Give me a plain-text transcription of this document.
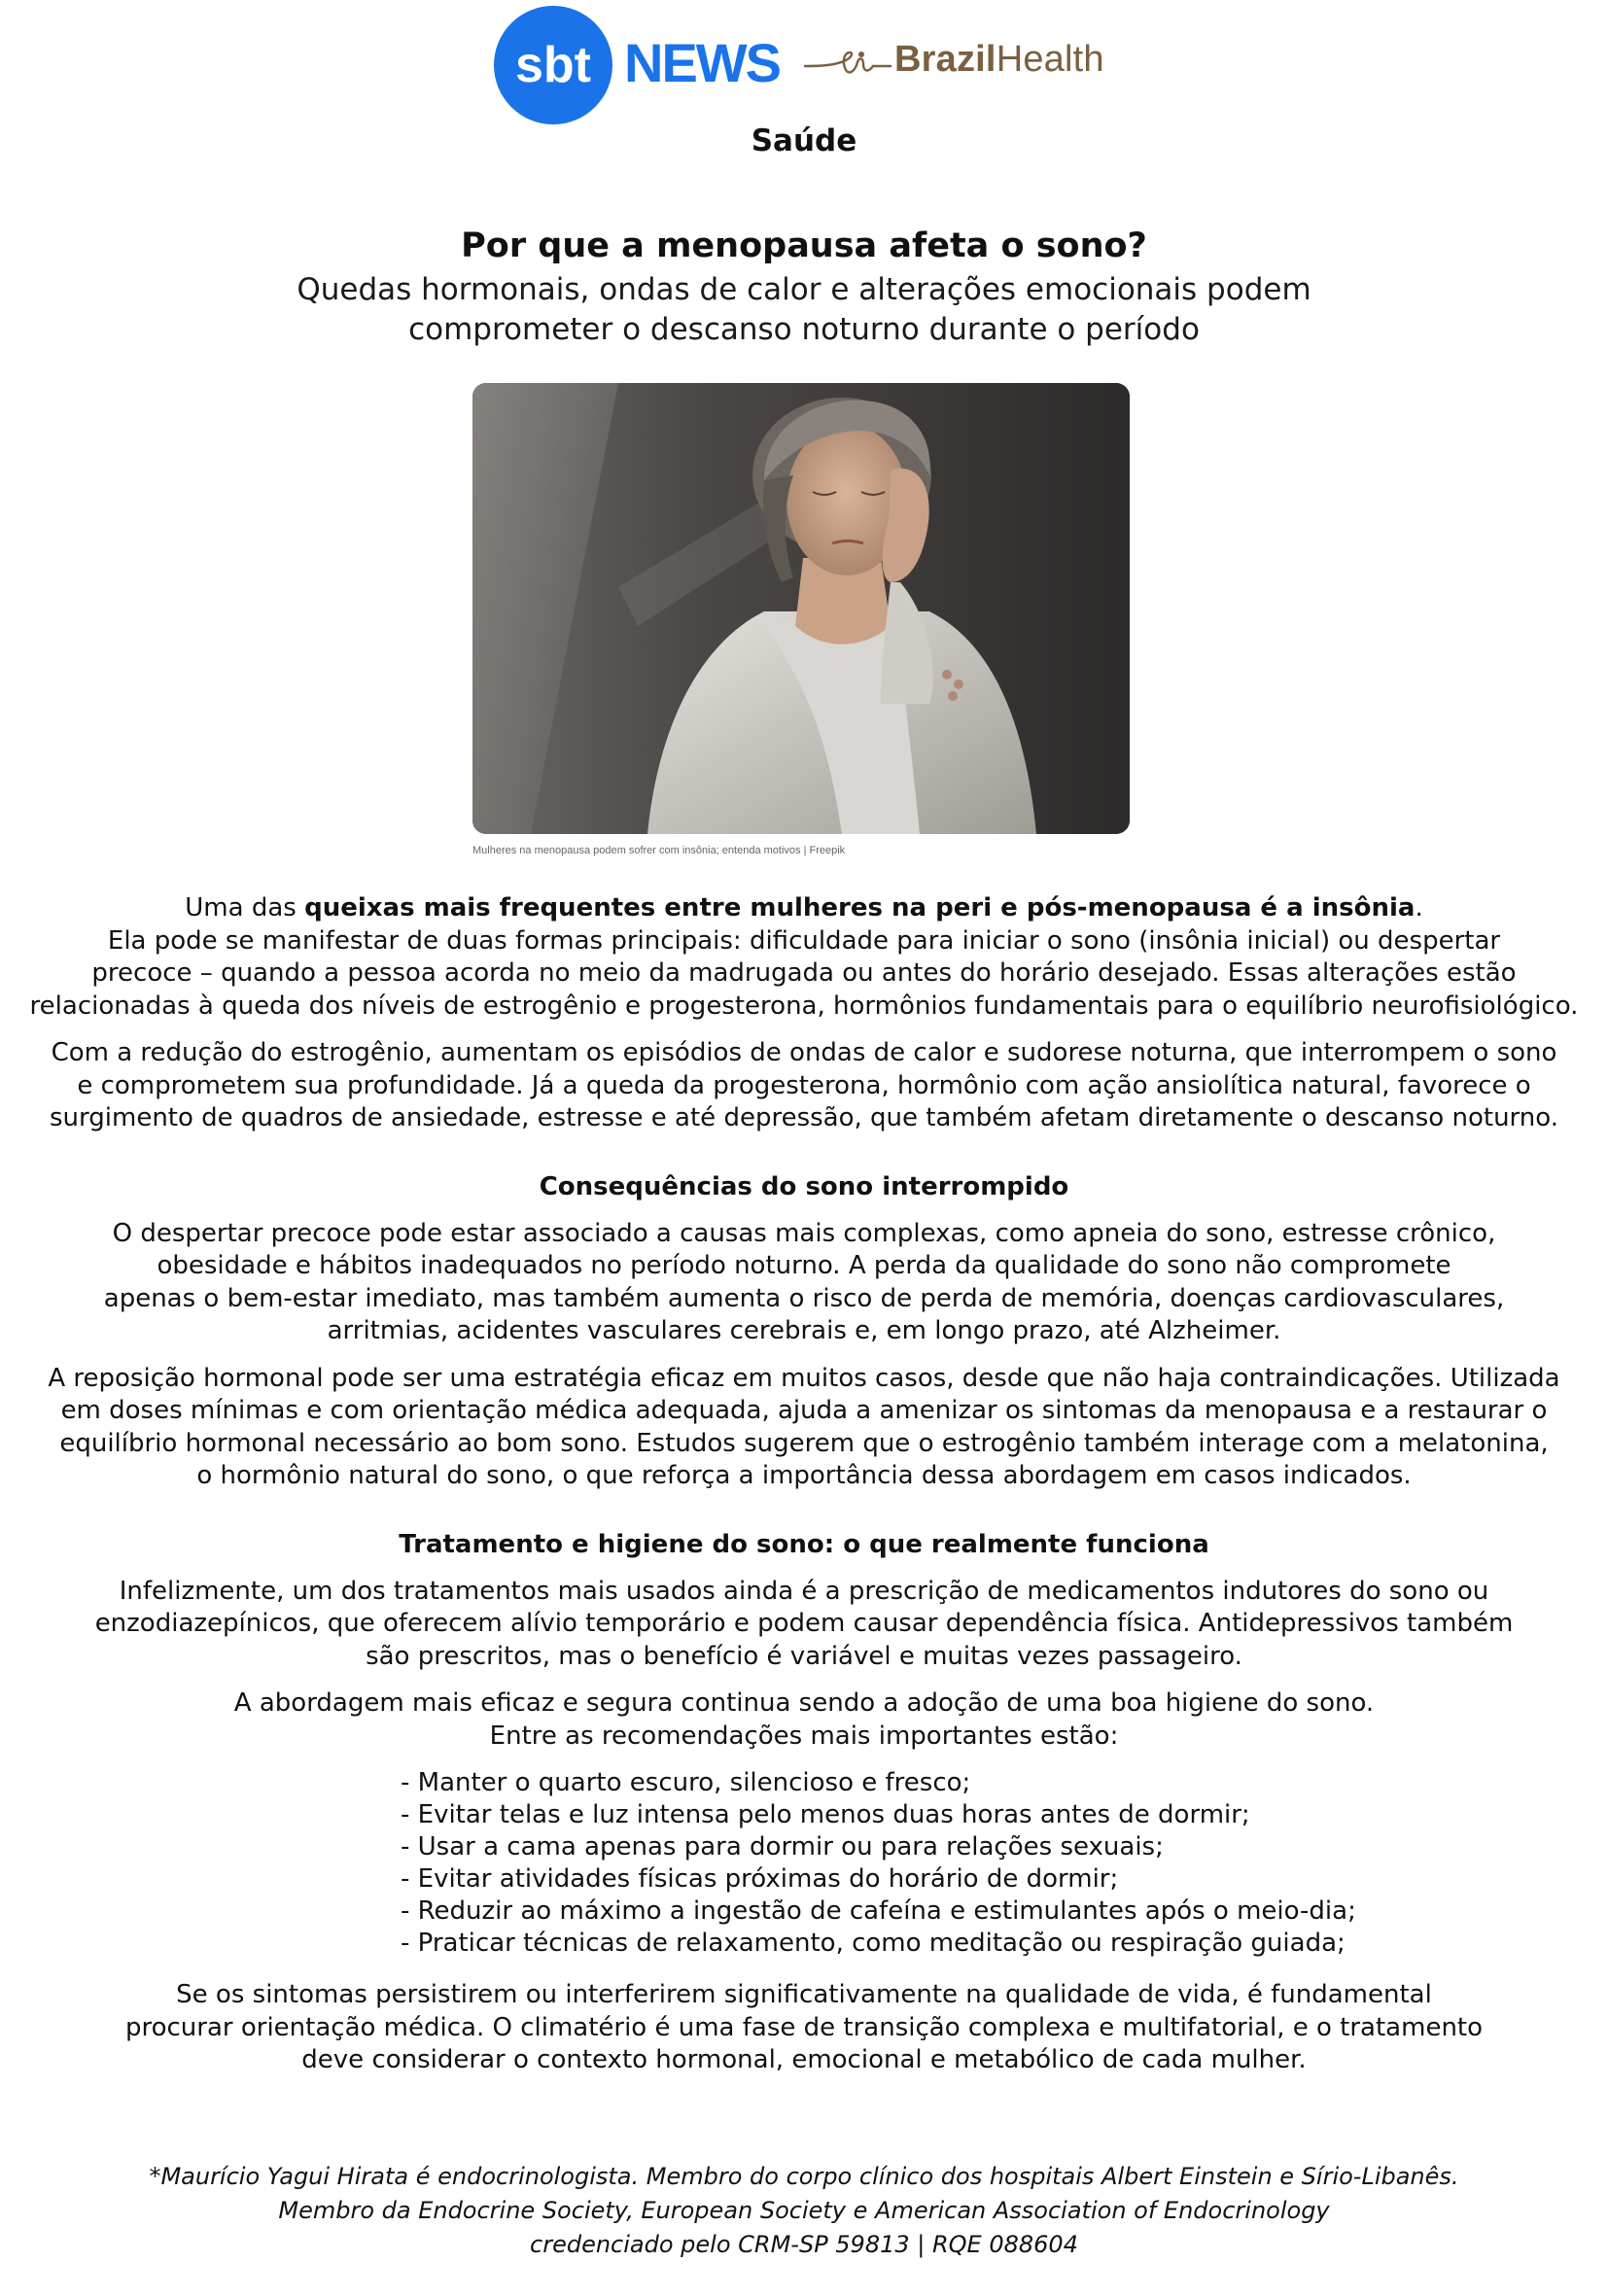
sbt NEWS	BrazilHealth
Saúde
Por que a menopausa afeta o sono?
Quedas hormonais, ondas de calor e alterações emocionais podem
comprometer o descanso noturno durante o período
Mulheres na menopausa podem sofrer com insônia; entenda motivos | Freepik

Uma das queixas mais frequentes entre mulheres na peri e pós-menopausa é a insônia.
Ela pode se manifestar de duas formas principais: dificuldade para iniciar o sono (insônia inicial) ou despertar
precoce – quando a pessoa acorda no meio da madrugada ou antes do horário desejado. Essas alterações estão
relacionadas à queda dos níveis de estrogênio e progesterona, hormônios fundamentais para o equilíbrio neurofisiológico.

Com a redução do estrogênio, aumentam os episódios de ondas de calor e sudorese noturna, que interrompem o sono
e comprometem sua profundidade. Já a queda da progesterona, hormônio com ação ansiolítica natural, favorece o
surgimento de quadros de ansiedade, estresse e até depressão, que também afetam diretamente o descanso noturno.

Consequências do sono interrompido

O despertar precoce pode estar associado a causas mais complexas, como apneia do sono, estresse crônico,
obesidade e hábitos inadequados no período noturno. A perda da qualidade do sono não compromete
apenas o bem-estar imediato, mas também aumenta o risco de perda de memória, doenças cardiovasculares,
arritmias, acidentes vasculares cerebrais e, em longo prazo, até Alzheimer.

A reposição hormonal pode ser uma estratégia eficaz em muitos casos, desde que não haja contraindicações. Utilizada
em doses mínimas e com orientação médica adequada, ajuda a amenizar os sintomas da menopausa e a restaurar o
equilíbrio hormonal necessário ao bom sono. Estudos sugerem que o estrogênio também interage com a melatonina,
o hormônio natural do sono, o que reforça a importância dessa abordagem em casos indicados.

Tratamento e higiene do sono: o que realmente funciona

Infelizmente, um dos tratamentos mais usados ainda é a prescrição de medicamentos indutores do sono ou
enzodiazepínicos, que oferecem alívio temporário e podem causar dependência física. Antidepressivos também
são prescritos, mas o benefício é variável e muitas vezes passageiro.

A abordagem mais eficaz e segura continua sendo a adoção de uma boa higiene do sono.
Entre as recomendações mais importantes estão:

- Manter o quarto escuro, silencioso e fresco;
- Evitar telas e luz intensa pelo menos duas horas antes de dormir;
- Usar a cama apenas para dormir ou para relações sexuais;
- Evitar atividades físicas próximas do horário de dormir;
- Reduzir ao máximo a ingestão de cafeína e estimulantes após o meio-dia;
- Praticar técnicas de relaxamento, como meditação ou respiração guiada;

Se os sintomas persistirem ou interferirem significativamente na qualidade de vida, é fundamental
procurar orientação médica. O climatério é uma fase de transição complexa e multifatorial, e o tratamento
deve considerar o contexto hormonal, emocional e metabólico de cada mulher.

*Maurício Yagui Hirata é endocrinologista. Membro do corpo clínico dos hospitais Albert Einstein e Sírio-Libanês.
Membro da Endocrine Society, European Society e American Association of Endocrinology
credenciado pelo CRM-SP 59813 | RQE 088604
